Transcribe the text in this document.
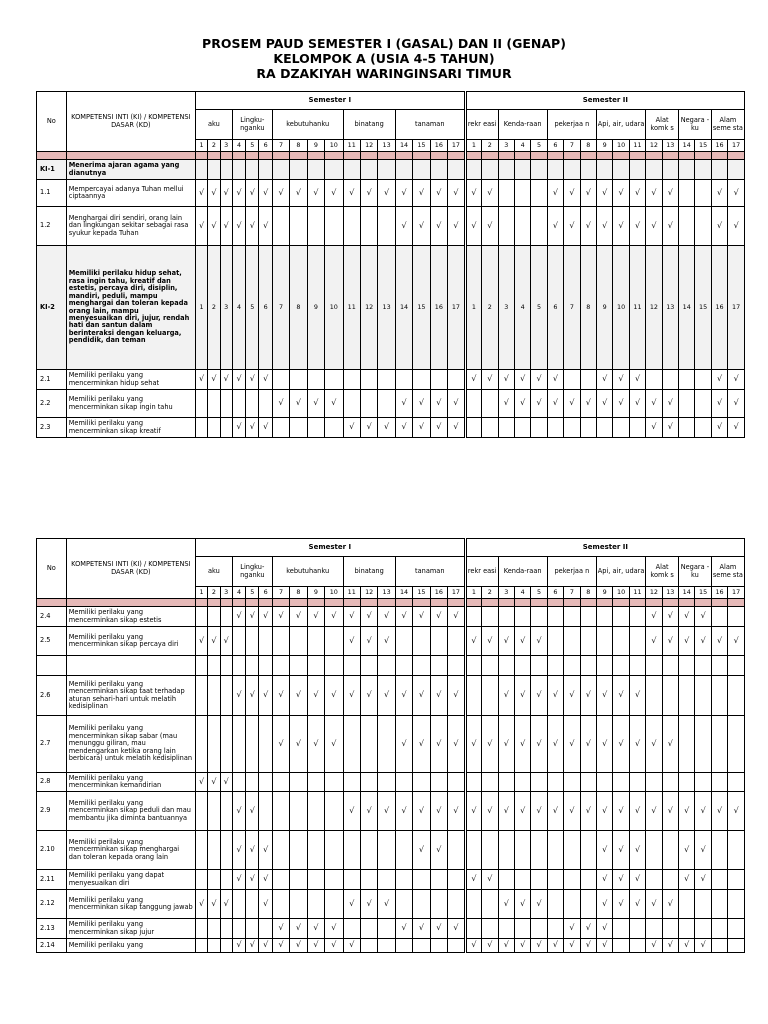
PROSEM PAUD SEMESTER I (GASAL) DAN II (GENAP)
KELOMPOK A (USIA 4-5 TAHUN)
RA DZAKIYAH WARINGINSARI TIMUR
No	KOMPETENSI INTI (KI) / KOMPETENSI DASAR (KD)	Semester I																	Semester II																
		aku			Lingku-nganku			kebutuhanku				binatang			tanaman				rekr easi		Kenda-raan			pekerjaa n			Api, air, udara			Alat komk s		Negara -ku		Alam seme sta	
		1	2	3	4	5	6	7	8	9	10	11	12	13	14	15	16	17	1	2	3	4	5	6	7	8	9	10	11	12	13	14	15	16	17

KI-1	Menerima ajaran agama yang dianutnya																																		
1.1	Mempercayai adanya Tuhan mellui ciptaannya	√	√	√	√	√	√	√	√	√	√	√	√	√	√	√	√	√	√	√				√	√	√	√	√	√	√	√			√	√
1.2	Menghargai diri sendiri, orang lain dan lingkungan sekitar sebagai rasa syukur kepada Tuhan	√	√	√	√	√	√								√	√	√	√	√	√				√	√	√	√	√	√	√	√			√	√
KI-2	Memiliki perilaku hidup sehat, rasa ingin tahu, kreatif dan estetis, percaya diri, disiplin, mandiri, peduli, mampu menghargai dan toleran kepada orang lain, mampu menyesuaikan diri, jujur, rendah hati dan santun dalam berinteraksi dengan keluarga, pendidik, dan teman	1	2	3	4	5	6	7	8	9	10	11	12	13	14	15	16	17	1	2	3	4	5	6	7	8	9	10	11	12	13	14	15	16	17
2.1	Memiliki perilaku yang mencerminkan hidup sehat	√	√	√	√	√	√												√	√	√	√	√	√			√	√	√					√	√
2.2	Memiliki perilaku yang mencerminkan sikap ingin tahu							√	√	√	√				√	√	√	√			√	√	√	√	√	√	√	√	√	√	√			√	√
2.3	Memiliki perilaku yang mencerminkan sikap kreatif				√	√	√					√	√	√	√	√	√	√												√	√			√	√
No	KOMPETENSI INTI (KI) / KOMPETENSI DASAR (KD)	Semester I																	Semester II																
		aku			Lingku-nganku			kebutuhanku				binatang			tanaman				rekr easi		Kenda-raan			pekerjaa n			Api, air, udara			Alat komk s		Negara -ku		Alam seme sta	
		1	2	3	4	5	6	7	8	9	10	11	12	13	14	15	16	17	1	2	3	4	5	6	7	8	9	10	11	12	13	14	15	16	17

2.4	Memiliki perilaku yang mencerminkan sikap estetis				√	√	√	√	√	√	√	√	√	√	√	√	√	√												√	√	√	√		
2.5	Memiliki perilaku yang mencerminkan sikap percaya diri	√	√	√								√	√	√					√	√	√	√	√							√	√	√	√	√	√

2.6	Memiliki perilaku yang mencerminkan sikap taat terhadap aturan sehari-hari untuk melatih kedisiplinan				√	√	√	√	√	√	√	√	√	√	√	√	√	√			√	√	√	√	√	√	√	√	√						
2.7	Memiliki perilaku yang mencerminkan sikap sabar (mau menunggu giliran, mau mendengarkan ketika orang lain berbicara) untuk melatih kedisiplinan							√	√	√	√				√	√	√	√	√	√	√	√	√	√	√	√	√	√	√	√	√				
2.8	Memiliki perilaku yang mencerminkan kemandirian	√	√	√																															
2.9	Memiliki perilaku yang mencerminkan sikap peduli dan mau membantu jika diminta bantuannya				√	√						√	√	√	√	√	√	√	√	√	√	√	√	√	√	√	√	√	√	√	√	√	√	√	√
2.10	Memiliki perilaku yang mencerminkan sikap menghargai dan toleran kepada orang lain				√	√	√									√	√										√	√	√			√	√		
2.11	Memiliki perilaku yang dapat menyesuaikan diri				√	√	√												√	√							√	√	√			√	√		
2.12	Memiliki perilaku yang mencerminkan sikap tanggung jawab	√	√	√			√					√	√	√							√	√	√				√	√	√	√	√				
2.13	Memiliki perilaku yang mencerminkan sikap jujur							√	√	√	√				√	√	√	√							√	√	√								
2.14	Memiliki perilaku yang				√	√	√	√	√	√	√	√							√	√	√	√	√	√	√	√	√			√	√	√	√		
